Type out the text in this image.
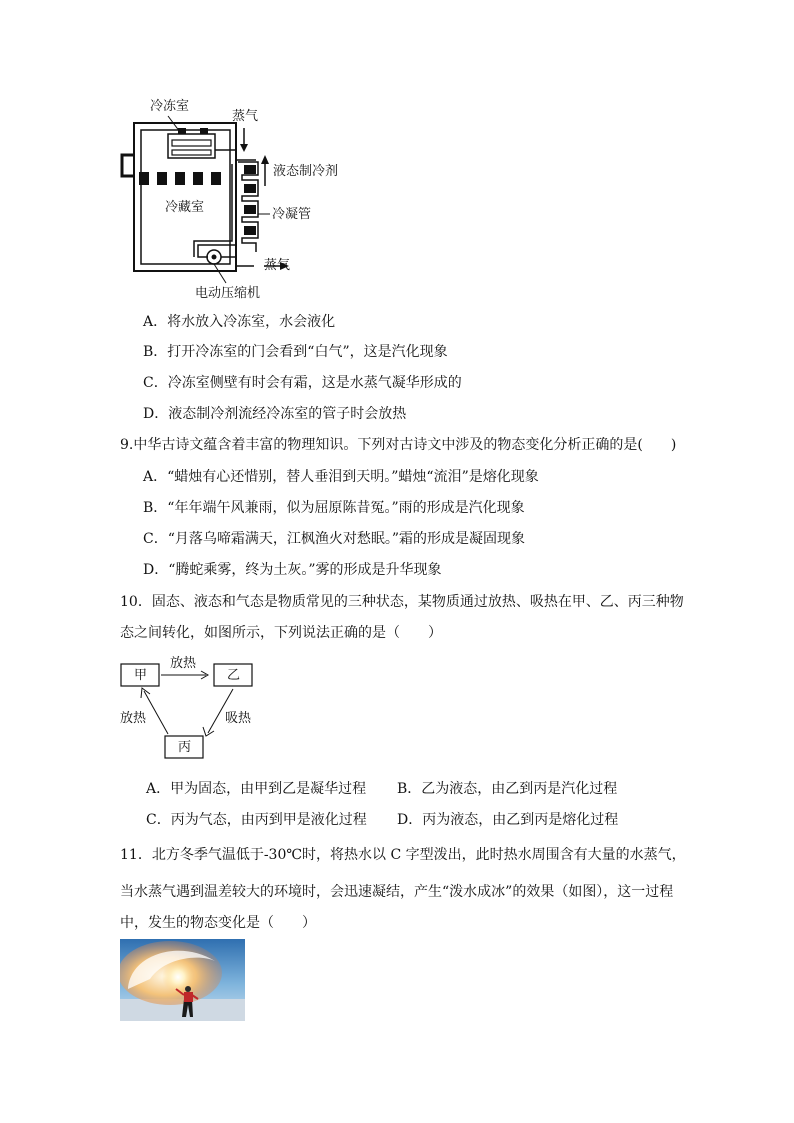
冷冻室
蒸气
液态制冷剂
冷藏室	冷凝管
蒸气
电动压缩机
A．将水放入冷冻室，水会液化
B．打开冷冻室的门会看到“白气”，这是汽化现象
C．冷冻室侧壁有时会有霜，这是水蒸气凝华形成的
D．液态制冷剂流经冷冻室的管子时会放热
9.中华古诗文蕴含着丰富的物理知识。下列对古诗文中涉及的物态变化分析正确的是(　　)
A．“蜡烛有心还惜别，替人垂泪到天明。”蜡烛“流泪”是熔化现象
B．“年年端午风兼雨，似为屈原陈昔冤。”雨的形成是汽化现象
C．“月落乌啼霜满天，江枫渔火对愁眠。”霜的形成是凝固现象
D．“腾蛇乘雾，终为土灰。”雾的形成是升华现象
10．固态、液态和气态是物质常见的三种状态，某物质通过放热、吸热在甲、乙、丙三种物
态之间转化，如图所示，下列说法正确的是（　　）
甲	乙
丙
放热
放热	吸热
A．甲为固态，由甲到乙是凝华过程 B．乙为液态，由乙到丙是汽化过程
C．丙为气态，由丙到甲是液化过程 D．丙为液态，由乙到丙是熔化过程
11．北方冬季气温低于-30℃时，将热水以 C 字型泼出，此时热水周围含有大量的水蒸气，
当水蒸气遇到温差较大的环境时，会迅速凝结，产生“泼水成冰”的效果（如图），这一过程
中，发生的物态变化是（　　）
